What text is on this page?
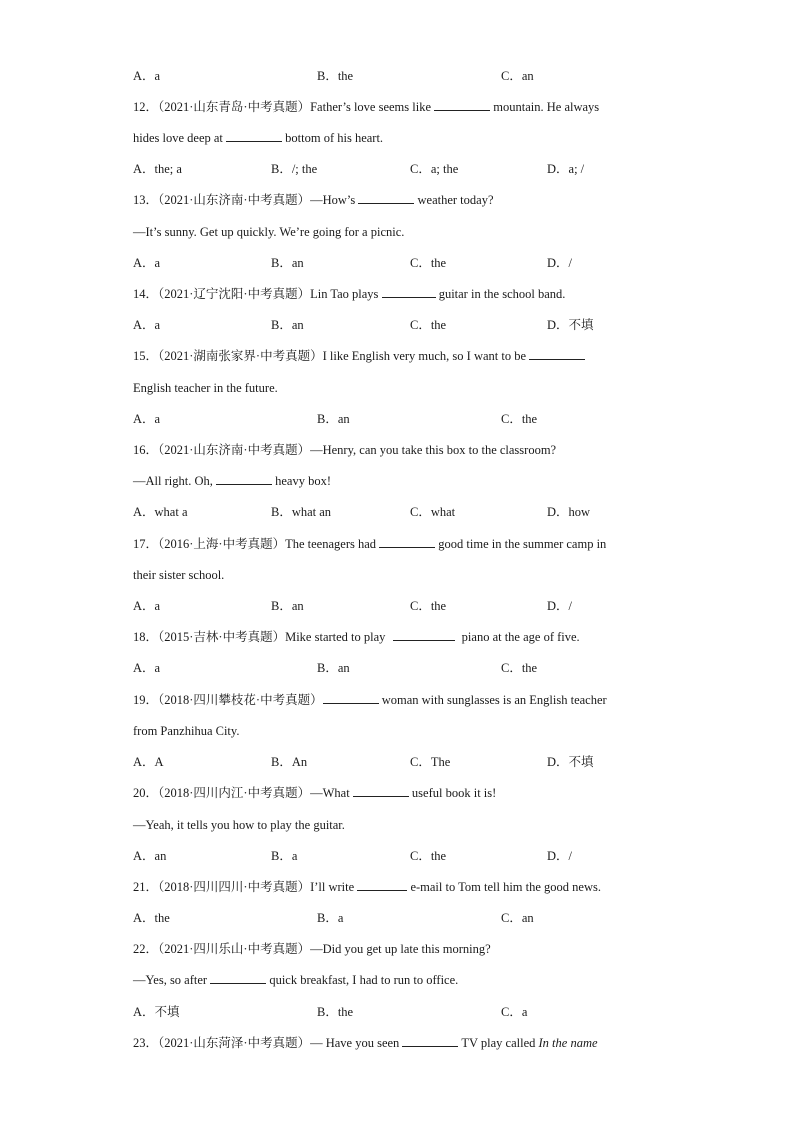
A．a	B．the	C．an

12．（2021·山东青岛·中考真题）Father’s love seems like	mountain. He always

hides love deep at	bottom of his heart.

A．the; a	B．/; the	C．a; the	D．a; /

13．（2021·山东济南·中考真题）—How’s	weather today?

—It’s sunny. Get up quickly. We’re going for a picnic.

A．a	B．an	C．the	D．/

14．（2021·辽宁沈阳·中考真题）Lin Tao plays	guitar in the school band.

A．a	B．an	C．the	D．不填

15．（2021·湖南张家界·中考真题）I like English very much, so I want to be

English teacher in the future.

A．a	B．an	C．the

16．（2021·山东济南·中考真题）—Henry, can you take this box to the classroom?

—All right. Oh,	heavy box!

A．what a	B．what an	C．what	D．how

17．（2016·上海·中考真题）The teenagers had	good time in the summer camp in

their sister school.

A．a	B．an	C．the	D．/

18．（2015·吉林·中考真题）Mike started to play	piano at the age of five.

A．a	B．an	C．the

19．（2018·四川攀枝花·中考真题）	woman with sunglasses is an English teacher

from Panzhihua City.

A．A	B．An	C．The	D．不填

20．（2018·四川内江·中考真题）—What	useful book it is!

—Yeah, it tells you how to play the guitar.

A．an	B．a	C．the	D．/

21．（2018·四川四川·中考真题）I’ll write	e-mail to Tom tell him the good news.

A．the	B．a	C．an

22．（2021·四川乐山·中考真题）—Did you get up late this morning?

—Yes, so after	quick breakfast, I had to run to office.

A．不填	B．the	C．a

23．（2021·山东菏泽·中考真题）— Have you seen	TV play called In the name
